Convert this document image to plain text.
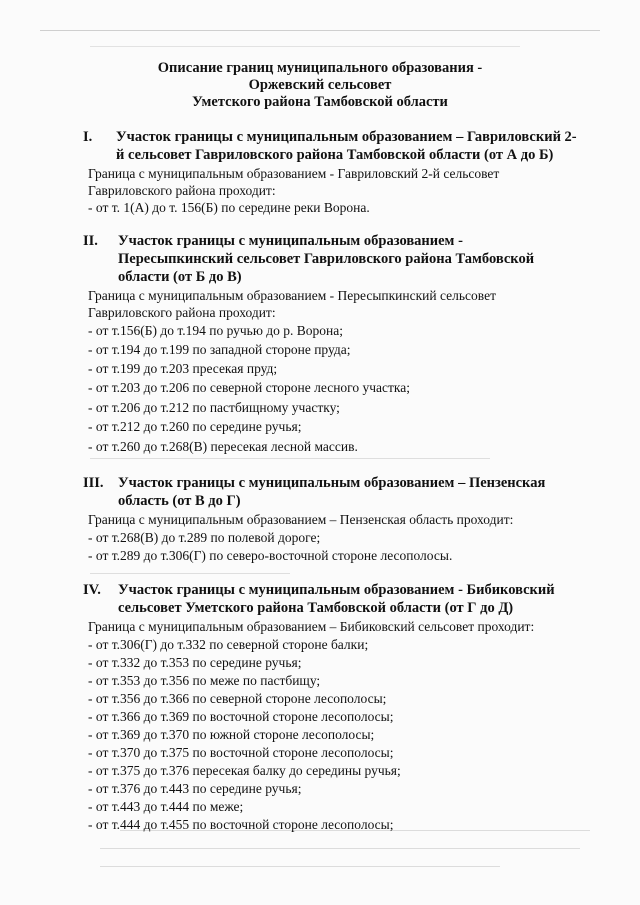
Описание границ муниципального образования -
Оржевский сельсовет
Уметского района Тамбовской области
I. Участок границы с муниципальным образованием – Гавриловский 2-
й сельсовет Гавриловского района Тамбовской области (от А до Б)
Граница с муниципальным образованием - Гавриловский 2-й сельсовет
Гавриловского района проходит:
- от т. 1(А) до т. 156(Б) по середине реки Ворона.
II. Участок границы с муниципальным образованием -
Пересыпкинский сельсовет Гавриловского района Тамбовской
области (от Б до В)
Граница с муниципальным образованием - Пересыпкинский сельсовет
Гавриловского района проходит:
- от т.156(Б) до т.194 по ручью до р. Ворона;
- от т.194 до т.199 по западной стороне пруда;
- от т.199 до т.203 пресекая пруд;
- от т.203 до т.206 по северной стороне лесного участка;
- от т.206 до т.212 по пастбищному участку;
- от т.212 до т.260 по середине ручья;
- от т.260 до т.268(В) пересекая лесной массив.
III. Участок границы с муниципальным образованием – Пензенская
область (от В до Г)
Граница с муниципальным образованием – Пензенская область проходит:
- от т.268(В) до т.289 по полевой дороге;
- от т.289 до т.306(Г) по северо-восточной стороне лесополосы.
IV. Участок границы с муниципальным образованием - Бибиковский
сельсовет Уметского района Тамбовской области (от Г до Д)
Граница с муниципальным образованием – Бибиковский сельсовет проходит:
- от т.306(Г) до т.332 по северной стороне балки;
- от т.332 до т.353 по середине ручья;
- от т.353 до т.356 по меже по пастбищу;
- от т.356 до т.366 по северной стороне лесополосы;
- от т.366 до т.369 по восточной стороне лесополосы;
- от т.369 до т.370 по южной стороне лесополосы;
- от т.370 до т.375 по восточной стороне лесополосы;
- от т.375 до т.376 пересекая балку до середины ручья;
- от т.376 до т.443 по середине ручья;
- от т.443 до т.444 по меже;
- от т.444 до т.455 по восточной стороне лесополосы;
